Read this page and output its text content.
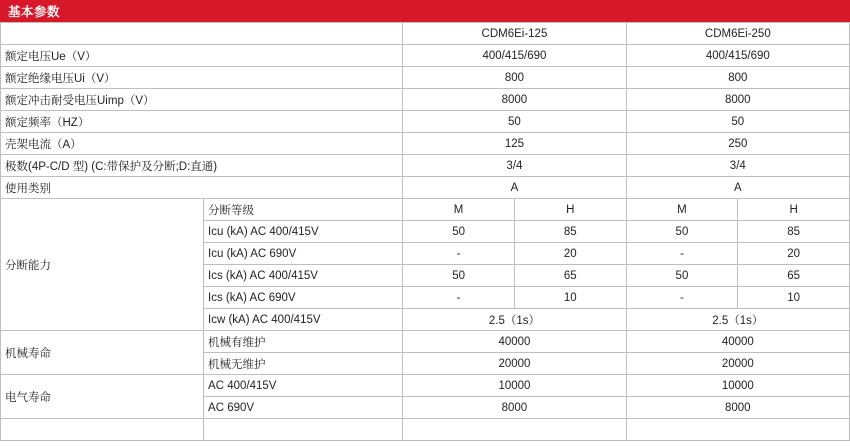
基本参数
		CDM6Ei-125		CDM6Ei-250	
额定电压Ue（V）		400/415/690		400/415/690	
额定绝缘电压Ui（V）		800		800	
额定冲击耐受电压Uimp（V）		8000		8000	
额定频率（HZ）		50		50	
壳架电流（A）		125		250	
极数(4P-C/D 型) (C:带保护及分断;D:直通)		3/4		3/4	
使用类别		A		A	
分断能力	分断等级	M	H	M	H
	Icu (kA) AC 400/415V	50	85	50	85
	Icu (kA) AC 690V	-	20	-	20
	Ics (kA) AC 400/415V	50	65	50	65
	Ics (kA) AC 690V	-	10	-	10
	Icw (kA) AC 400/415V	2.5（1s）		2.5（1s）	
机械寿命	机械有维护	40000		40000	
	机械无维护	20000		20000	
电气寿命	AC 400/415V	10000		10000	
	AC 690V	8000		8000	
